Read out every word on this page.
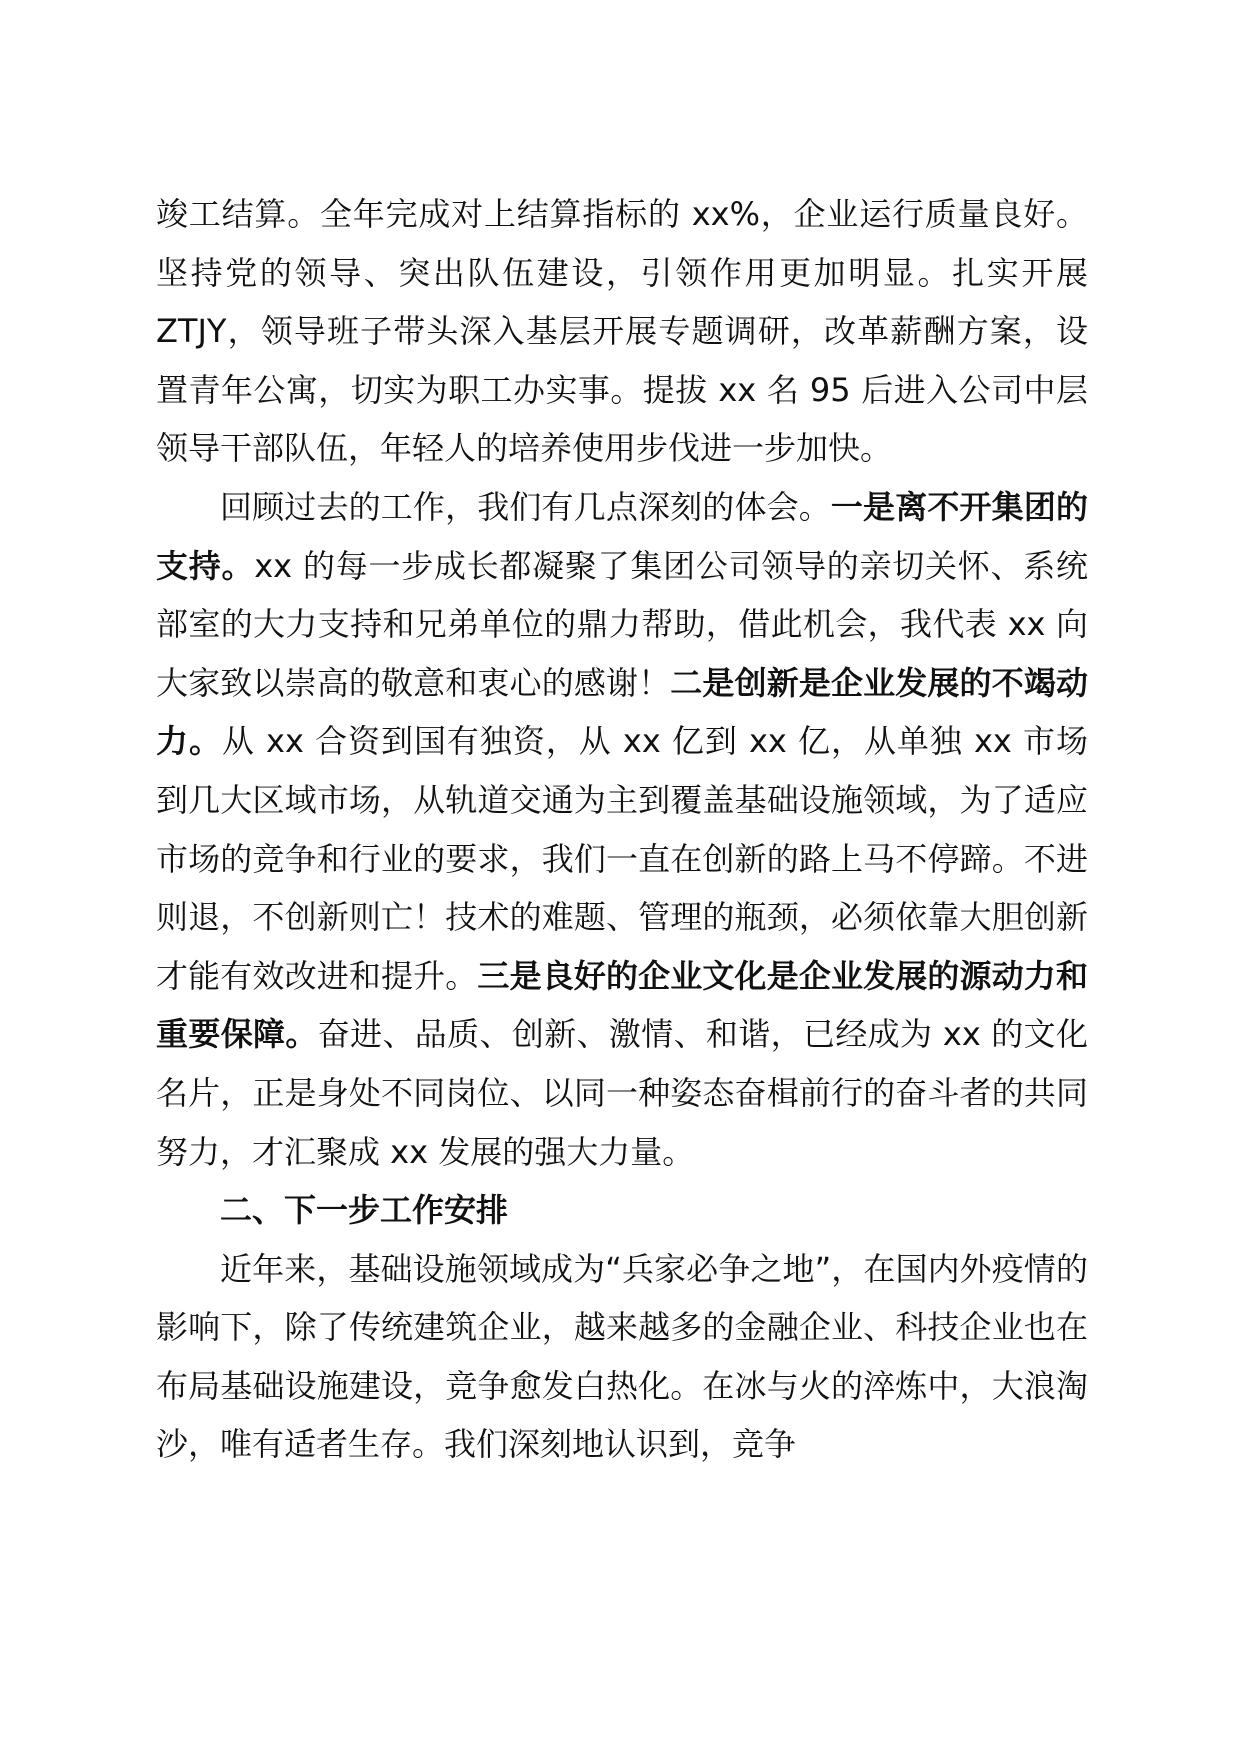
竣工结算。全年完成对上结算指标的 xx%，企业运行质量良好。坚持党的领导、突出队伍建设，引领作用更加明显。扎实开展 ZTJY，领导班子带头深入基层开展专题调研，改革薪酬方案，设置青年公寓，切实为职工办实事。提拔 xx 名 95 后进入公司中层领导干部队伍，年轻人的培养使用步伐进一步加快。

回顾过去的工作，我们有几点深刻的体会。一是离不开集团的支持。xx 的每一步成长都凝聚了集团公司领导的亲切关怀、系统部室的大力支持和兄弟单位的鼎力帮助，借此机会，我代表 xx 向大家致以崇高的敬意和衷心的感谢！二是创新是企业发展的不竭动力。从 xx 合资到国有独资，从 xx 亿到 xx 亿，从单独 xx 市场到几大区域市场，从轨道交通为主到覆盖基础设施领域，为了适应市场的竞争和行业的要求，我们一直在创新的路上马不停蹄。不进则退，不创新则亡！技术的难题、管理的瓶颈，必须依靠大胆创新才能有效改进和提升。三是良好的企业文化是企业发展的源动力和重要保障。奋进、品质、创新、激情、和谐，已经成为 xx 的文化名片，正是身处不同岗位、以同一种姿态奋楫前行的奋斗者的共同努力，才汇聚成 xx 发展的强大力量。

二、下一步工作安排

近年来，基础设施领域成为“兵家必争之地”，在国内外疫情的影响下，除了传统建筑企业，越来越多的金融企业、科技企业也在布局基础设施建设，竞争愈发白热化。在冰与火的淬炼中，大浪淘沙，唯有适者生存。我们深刻地认识到，竞争
